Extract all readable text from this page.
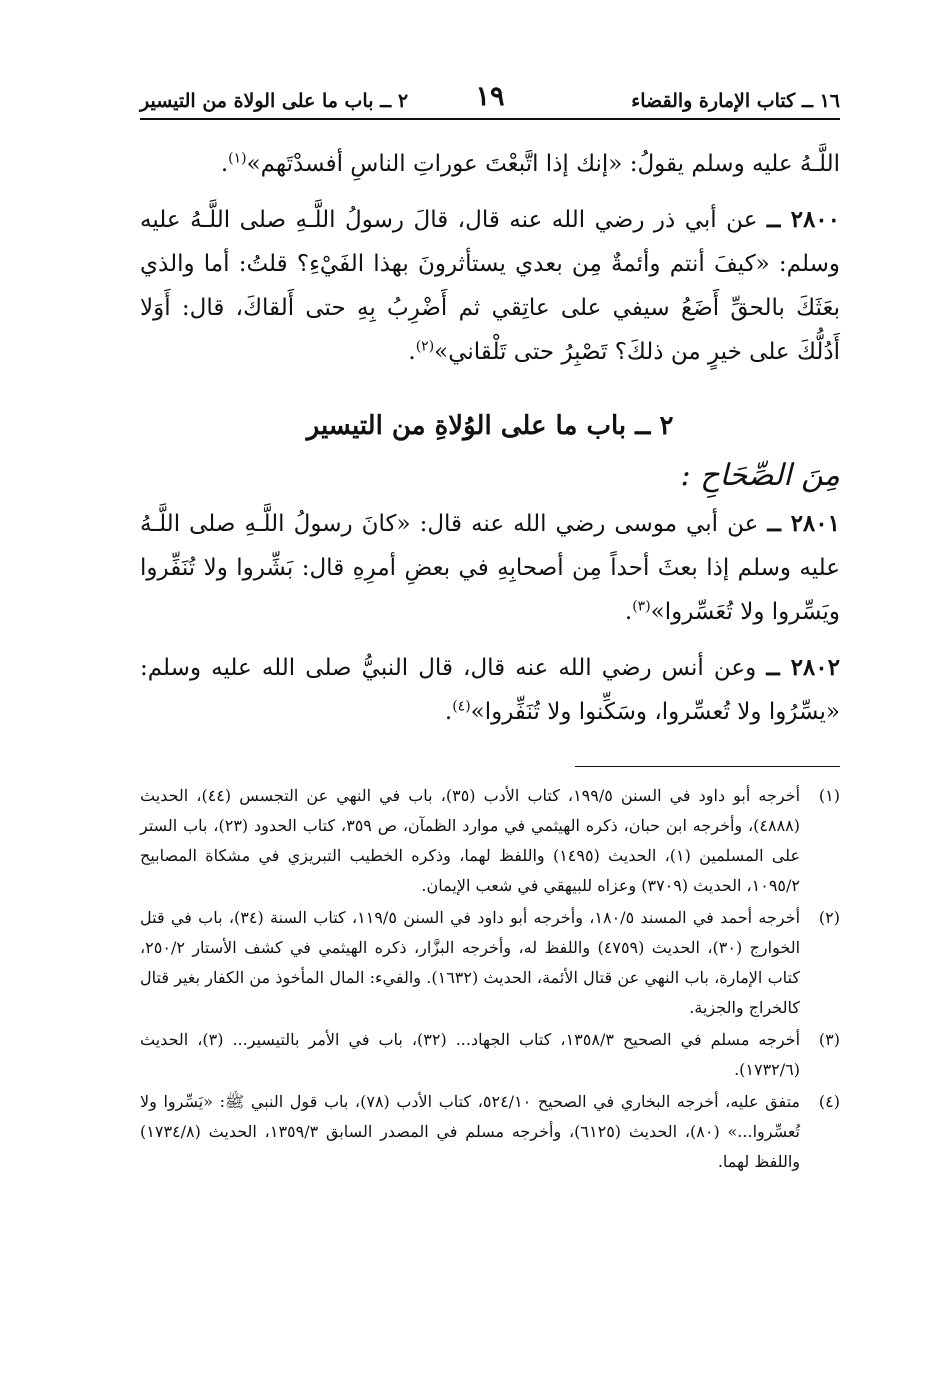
١٦ ــ كتاب الإمارة والقضاء
١٩
٢ ــ باب ما على الولاة من التيسير

اللَّـهُ عليه وسلم يقولُ: «إنك إذا اتَّبعْتَ عوراتِ الناسِ أفسدْتَهم»$^{(١)}$.

٢٨٠٠ ــ عن أبي ذر رضي الله عنه قال، قالَ رسولُ اللَّـهِ صلى اللَّـهُ عليه وسلم: «كيفَ أنتم وأئمةٌ مِن بعدي يستأثرونَ بهذا الفَيْءِ؟ قلتُ: أما والذي بعَثَكَ بالحقِّ أَضَعُ سيفي على عاتِقي ثم أَضْرِبُ بِهِ حتى أَلقاكَ، قال: أَوَلا أَدُلُّكَ على خيرٍ من ذلكَ؟ تَصْبِرُ حتى تَلْقاني»$^{(٢)}$.

٢ ــ باب ما على الوُلاةِ من التيسير
مِنَ الصِّحَاحِ :

٢٨٠١ ــ عن أبي موسى رضي الله عنه قال: «كانَ رسولُ اللَّـهِ صلى اللَّـهُ عليه وسلم إذا بعثَ أحداً مِن أصحابِهِ في بعضِ أمرِهِ قال: بَشِّروا ولا تُنَفِّروا ويَسِّروا ولا تُعَسِّروا»$^{(٣)}$.

٢٨٠٢ ــ وعن أنس رضي الله عنه قال، قال النبيُّ صلى الله عليه وسلم: «يسِّرُوا ولا تُعسِّروا، وسَكِّنوا ولا تُنَفِّروا»$^{(٤)}$.

(١)
أخرجه أبو داود في السنن ١٩٩/٥، كتاب الأدب (٣٥)، باب في النهي عن التجسس (٤٤)، الحديث (٤٨٨٨)، وأخرجه ابن حبان، ذكره الهيثمي في موارد الظمآن، ص ٣٥٩، كتاب الحدود (٢٣)، باب الستر على المسلمين (١)، الحديث (١٤٩٥) واللفظ لهما، وذكره الخطيب التبريزي في مشكاة المصابيح ١٠٩٥/٢، الحديث (٣٧٠٩) وعزاه للبيهقي في شعب الإيمان.
(٢)
أخرجه أحمد في المسند ١٨٠/٥، وأخرجه أبو داود في السنن ١١٩/٥، كتاب السنة (٣٤)، باب في قتل الخوارج (٣٠)، الحديث (٤٧٥٩) واللفظ له، وأخرجه البزَّار، ذكره الهيثمي في كشف الأستار ٢٥٠/٢، كتاب الإمارة، باب النهي عن قتال الأئمة، الحديث (١٦٣٢). والفيء: المال المأخوذ من الكفار بغير قتال كالخراج والجزية.
(٣)
أخرجه مسلم في الصحيح ١٣٥٨/٣، كتاب الجهاد... (٣٢)، باب في الأمر بالتيسير... (٣)، الحديث (١٧٣٢/٦).
(٤)
متفق عليه، أخرجه البخاري في الصحيح ٥٢٤/١٠، كتاب الأدب (٧٨)، باب قول النبي ﷺ: «يَسِّروا ولا تُعسِّروا...» (٨٠)، الحديث (٦١٢٥)، وأخرجه مسلم في المصدر السابق ١٣٥٩/٣، الحديث (١٧٣٤/٨) واللفظ لهما.
